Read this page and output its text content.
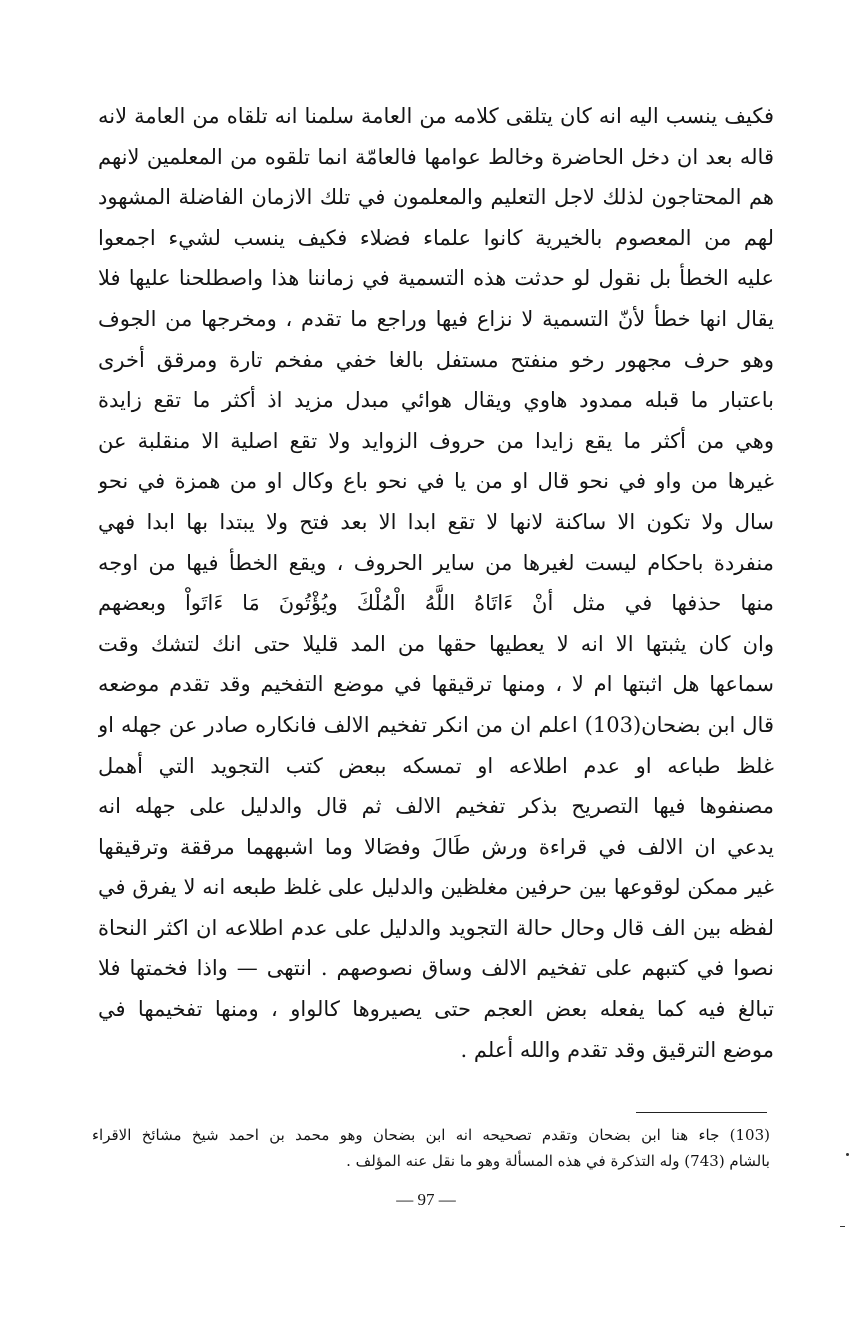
فكيف ينسب اليه انه كان يتلقى كلامه من العامة سلمنا انه تلقاه من العامة لانه
قاله بعد ان دخل الحاضرة وخالط عوامها فالعامّة انما تلقوه من المعلمين لانهم
هم المحتاجون لذلك لاجل التعليم والمعلمون في تلك الازمان الفاضلة المشهود
لهم من المعصوم بالخيرية كانوا علماء فضلاء فكيف ينسب لشيء اجمعوا
عليه الخطأ بل نقول لو حدثت هذه التسمية في زماننا هذا واصطلحنا عليها فلا
يقال انها خطأ لأنّ التسمية لا نزاع فيها وراجع ما تقدم ، ومخرجها من الجوف
وهو حرف مجهور رخو منفتح مستفل بالغا خفي مفخم تارة ومرقق أخرى
باعتبار ما قبله ممدود هاوي ويقال هوائي مبدل مزيد اذ أكثر ما تقع زايدة
وهي من أكثر ما يقع زايدا من حروف الزوايد ولا تقع اصلية الا منقلبة عن
غيرها من واو في نحو قال او من يا في نحو باع وكال او من همزة في نحو
سال ولا تكون الا ساكنة لانها لا تقع ابدا الا بعد فتح ولا يبتدا بها ابدا فهي
منفردة باحكام ليست لغيرها من ساير الحروف ، ويقع الخطأ فيها من اوجه
منها حذفها في مثل أنْ ءَاتَاهُ اللَّهُ الْمُلْكَ ويُؤْتُونَ مَا ءَاتَواْ وبعضهم
وان كان يثبتها الا انه لا يعطيها حقها من المد قليلا حتى انك لتشك وقت
سماعها هل اثبتها ام لا ، ومنها ترقيقها في موضع التفخيم وقد تقدم موضعه
قال ابن بضحان(103) اعلم ان من انكر تفخيم الالف فانكاره صادر عن جهله او
غلظ طباعه او عدم اطلاعه او تمسكه ببعض كتب التجويد التي أهمل
مصنفوها فيها التصريح بذكر تفخيم الالف ثم قال والدليل على جهله انه
يدعي ان الالف في قراءة ورش طَالَ وفصَالا وما اشبههما مرققة وترقيقها
غير ممكن لوقوعها بين حرفين مغلظين والدليل على غلظ طبعه انه لا يفرق في
لفظه بين الف قال وحال حالة التجويد والدليل على عدم اطلاعه ان اكثر النحاة
نصوا في كتبهم على تفخيم الالف وساق نصوصهم . انتهى — واذا فخمتها فلا
تبالغ فيه كما يفعله بعض العجم حتى يصيروها كالواو ، ومنها تفخيمها في
موضع الترقيق وقد تقدم والله أعلم .
(103) جاء هنا ابن بضحان وتقدم تصحيحه انه ابن بضحان وهو محمد بن احمد شيخ مشائخ الاقراء
بالشام (743) وله التذكرة في هذه المسألة وهو ما نقل عنه المؤلف .
— 97 —
